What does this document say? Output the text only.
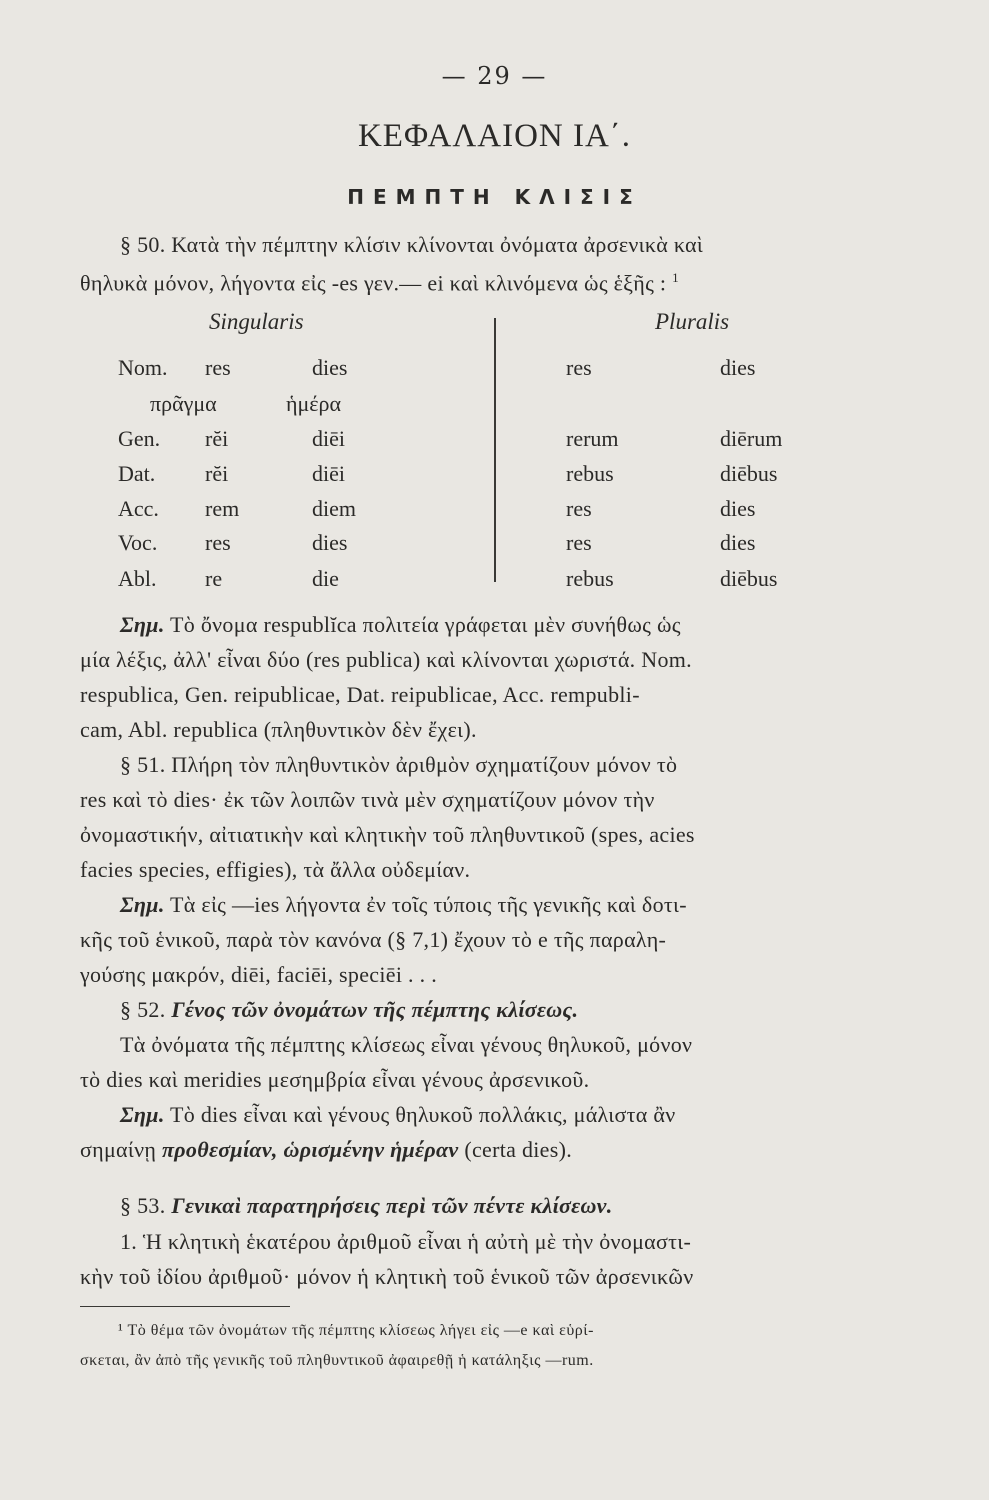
— 29 —
ΚΕΦΑΛΑΙΟΝ ΙΑ΄.
ΠΕΜΠΤΗ ΚΛΙΣΙΣ
§ 50. Κατὰ τὴν πέμπτην κλίσιν κλίνονται ὀνόματα ἀρσενικὰ καὶ
θηλυκὰ μόνον, λήγοντα εἰς -es γεν.— ei καὶ κλινόμενα ὡς ἑξῆς : $^1$
Singularis	Pluralis
Nom. res	dies	res	dies
πρᾶγμα	ἡμέρα
Gen. rĕi	diēi	rerum	diērum
Dat. rĕi	diēi	rebus	diēbus
Acc. rem	diem	res	dies
Voc. res	dies	res	dies
Abl. re	die	rebus	diēbus
Σημ. Τὸ ὄνομα respublĭca πολιτεία γράφεται μὲν συνήθως ὡς
μία λέξις, ἀλλ' εἶναι δύο (res publica) καὶ κλίνονται χωριστά. Nom.
respublica, Gen. reipublicae, Dat. reipublicae, Acc. rempubli-
cam, Abl. republica (πληθυντικὸν δὲν ἔχει).
§ 51. Πλήρη τὸν πληθυντικὸν ἀριθμὸν σχηματίζουν μόνον τὸ
res καὶ τὸ dies· ἐκ τῶν λοιπῶν τινὰ μὲν σχηματίζουν μόνον τὴν
ὀνομαστικήν, αἰτιατικὴν καὶ κλητικὴν τοῦ πληθυντικοῦ (spes, acies
facies species, effigies), τὰ ἄλλα οὐδεμίαν.
Σημ. Τὰ εἰς —ies λήγοντα ἐν τοῖς τύποις τῆς γενικῆς καὶ δοτι-
κῆς τοῦ ἑνικοῦ, παρὰ τὸν κανόνα (§ 7,1) ἔχουν τὸ e τῆς παραλη-
γούσης μακρόν, diēi, faciēi, speciēi . . .
§ 52. Γένος τῶν ὀνομάτων τῆς πέμπτης κλίσεως.
Τὰ ὀνόματα τῆς πέμπτης κλίσεως εἶναι γένους θηλυκοῦ, μόνον
τὸ dies καὶ meridies μεσημβρία εἶναι γένους ἀρσενικοῦ.
Σημ. Τὸ dies εἶναι καὶ γένους θηλυκοῦ πολλάκις, μάλιστα ἂν
σημαίνῃ προθεσμίαν, ὡρισμένην ἡμέραν (certa dies).
§ 53. Γενικαὶ παρατηρήσεις περὶ τῶν πέντε κλίσεων.
1. Ἡ κλητικὴ ἑκατέρου ἀριθμοῦ εἶναι ἡ αὐτὴ μὲ τὴν ὀνομαστι-
κὴν τοῦ ἰδίου ἀριθμοῦ· μόνον ἡ κλητικὴ τοῦ ἑνικοῦ τῶν ἀρσενικῶν
¹ Τὸ θέμα τῶν ὀνομάτων τῆς πέμπτης κλίσεως λήγει εἰς —e καὶ εὑρί-
σκεται, ἂν ἀπὸ τῆς γενικῆς τοῦ πληθυντικοῦ ἀφαιρεθῇ ἡ κατάληξις —rum.
